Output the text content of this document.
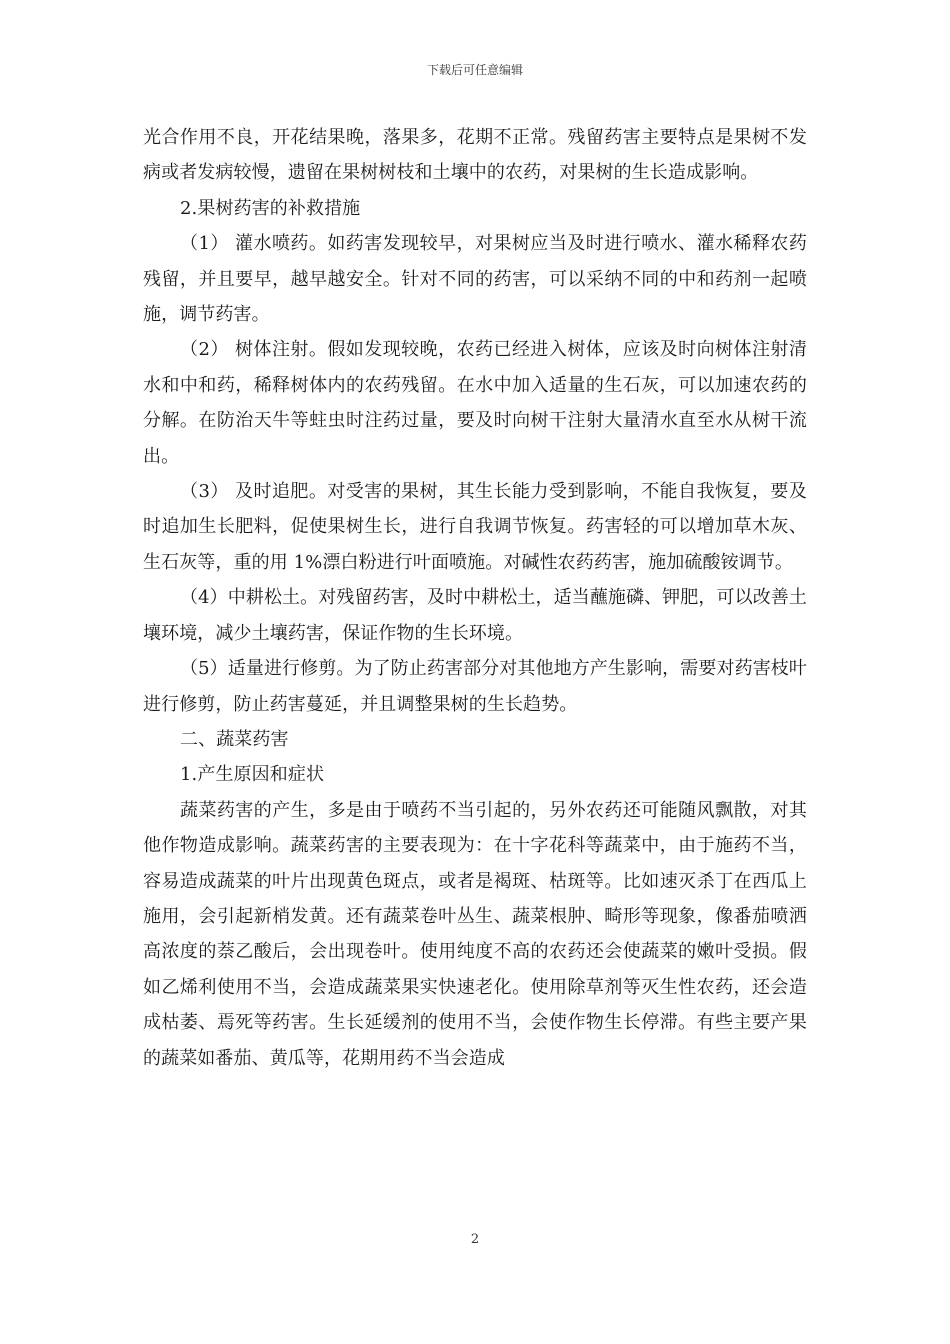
下载后可任意编辑

光合作用不良，开花结果晚，落果多，花期不正常。残留药害主要特点是果树不发病或者发病较慢，遗留在果树树枝和土壤中的农药，对果树的生长造成影响。

2.果树药害的补救措施

（1） 灌水喷药。如药害发现较早，对果树应当及时进行喷水、灌水稀释农药残留，并且要早，越早越安全。针对不同的药害，可以采纳不同的中和药剂一起喷施，调节药害。

（2） 树体注射。假如发现较晚，农药已经进入树体，应该及时向树体注射清水和中和药，稀释树体内的农药残留。在水中加入适量的生石灰，可以加速农药的分解。在防治天牛等蛀虫时注药过量，要及时向树干注射大量清水直至水从树干流出。

（3） 及时追肥。对受害的果树，其生长能力受到影响，不能自我恢复，要及时追加生长肥料，促使果树生长，进行自我调节恢复。药害轻的可以增加草木灰、生石灰等，重的用 1%漂白粉进行叶面喷施。对碱性农药药害，施加硫酸铵调节。

（4）中耕松土。对残留药害，及时中耕松土，适当蘸施磷、钾肥，可以改善土壤环境，减少土壤药害，保证作物的生长环境。

（5）适量进行修剪。为了防止药害部分对其他地方产生影响，需要对药害枝叶进行修剪，防止药害蔓延，并且调整果树的生长趋势。

二、蔬菜药害

1.产生原因和症状

蔬菜药害的产生，多是由于喷药不当引起的，另外农药还可能随风飘散，对其他作物造成影响。蔬菜药害的主要表现为：在十字花科等蔬菜中，由于施药不当，容易造成蔬菜的叶片出现黄色斑点，或者是褐斑、枯斑等。比如速灭杀丁在西瓜上施用，会引起新梢发黄。还有蔬菜卷叶丛生、蔬菜根肿、畸形等现象，像番茄喷洒高浓度的萘乙酸后，会出现卷叶。使用纯度不高的农药还会使蔬菜的嫩叶受损。假如乙烯利使用不当，会造成蔬菜果实快速老化。使用除草剂等灭生性农药，还会造成枯萎、焉死等药害。生长延缓剂的使用不当，会使作物生长停滞。有些主要产果的蔬菜如番茄、黄瓜等，花期用药不当会造成

2
